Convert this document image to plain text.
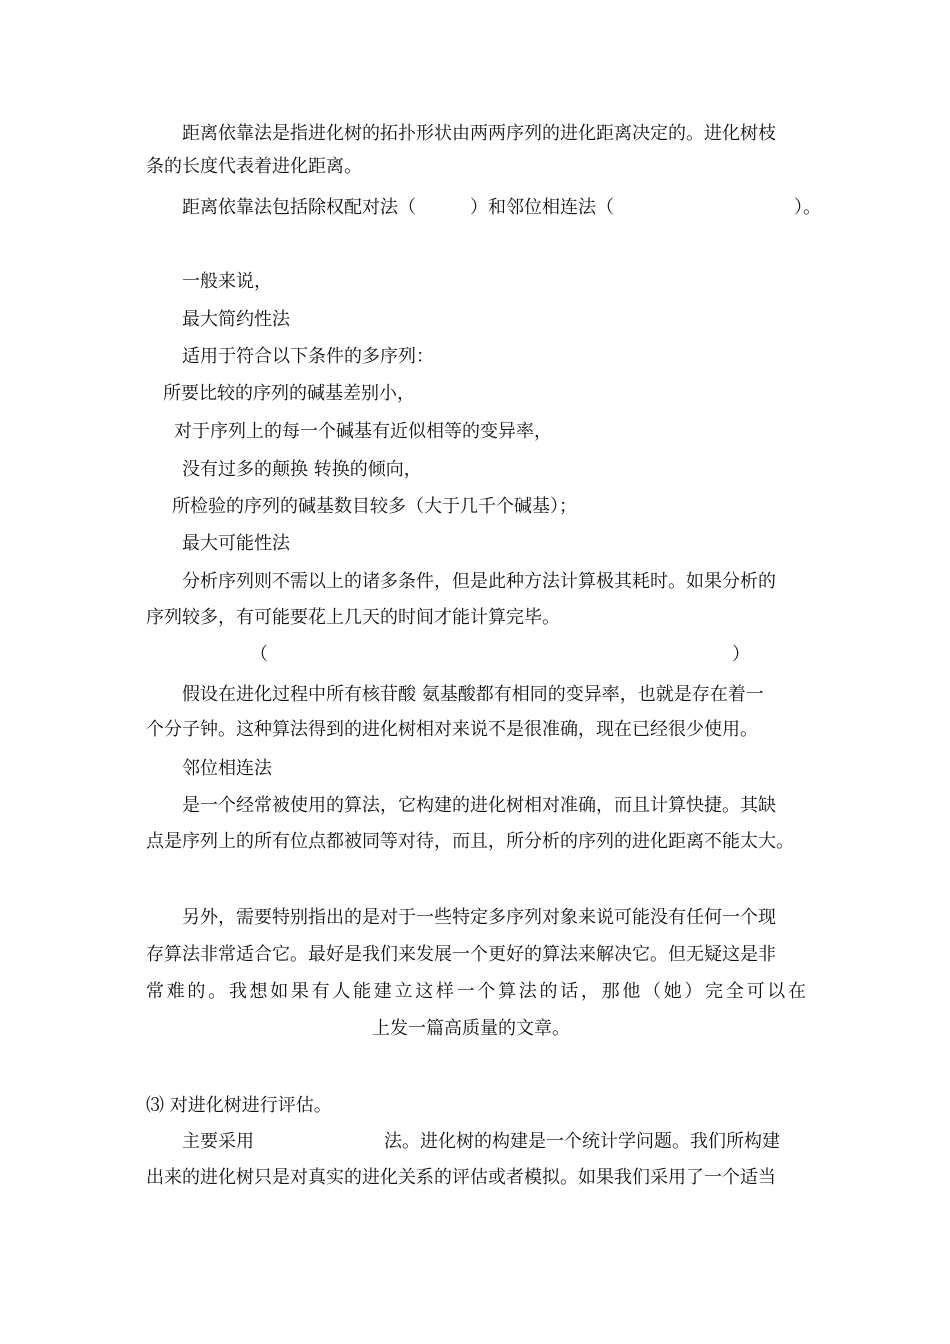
距离依靠法是指进化树的拓扑形状由两两序列的进化距离决定的。进化树枝
条的长度代表着进化距离。
距离依靠法包括除权配对法（　　　）和邻位相连法（　　　　　　　　　　）。
一般来说，
最大简约性法
适用于符合以下条件的多序列：
所要比较的序列的碱基差别小，
对于序列上的每一个碱基有近似相等的变异率，
没有过多的颠换 转换的倾向，
所检验的序列的碱基数目较多（大于几千个碱基）；
最大可能性法
分析序列则不需以上的诸多条件，但是此种方法计算极其耗时。如果分析的
序列较多，有可能要花上几天的时间才能计算完毕。
（	）
假设在进化过程中所有核苷酸 氨基酸都有相同的变异率，也就是存在着一
个分子钟。这种算法得到的进化树相对来说不是很准确，现在已经很少使用。
邻位相连法
是一个经常被使用的算法，它构建的进化树相对准确，而且计算快捷。其缺
点是序列上的所有位点都被同等对待，而且，所分析的序列的进化距离不能太大。
另外，需要特别指出的是对于一些特定多序列对象来说可能没有任何一个现
存算法非常适合它。最好是我们来发展一个更好的算法来解决它。但无疑这是非
常难的。我想如果有人能建立这样一个算法的话，那他（她）完全可以在
上发一篇高质量的文章。
⑶ 对进化树进行评估。
主要采用	法。进化树的构建是一个统计学问题。我们所构建
出来的进化树只是对真实的进化关系的评估或者模拟。如果我们采用了一个适当
